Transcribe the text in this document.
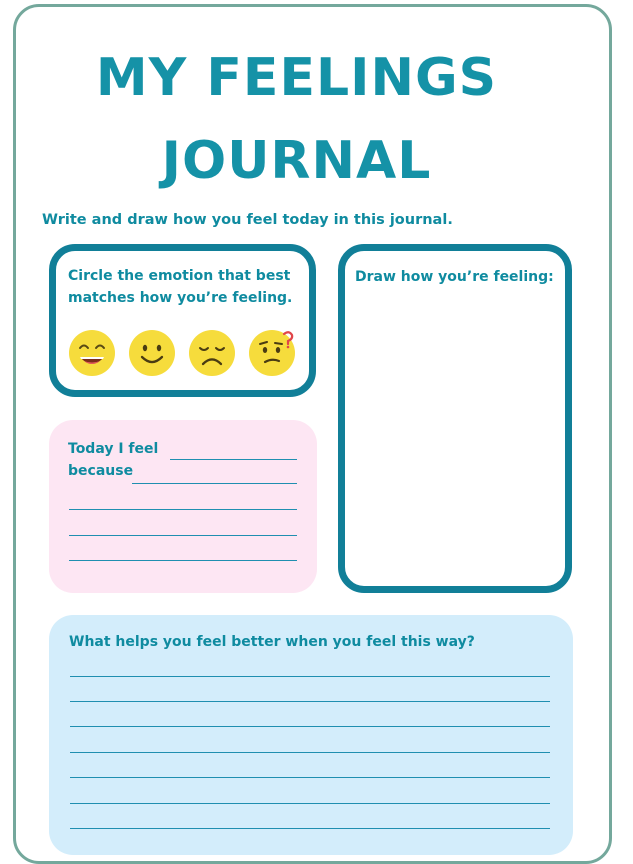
MY FEELINGS
JOURNAL
Write and draw how you feel today in this journal.
Circle the emotion that best matches how you’re feeling.
Draw how you’re feeling:
Today I feel
because
What helps you feel better when you feel this way?
